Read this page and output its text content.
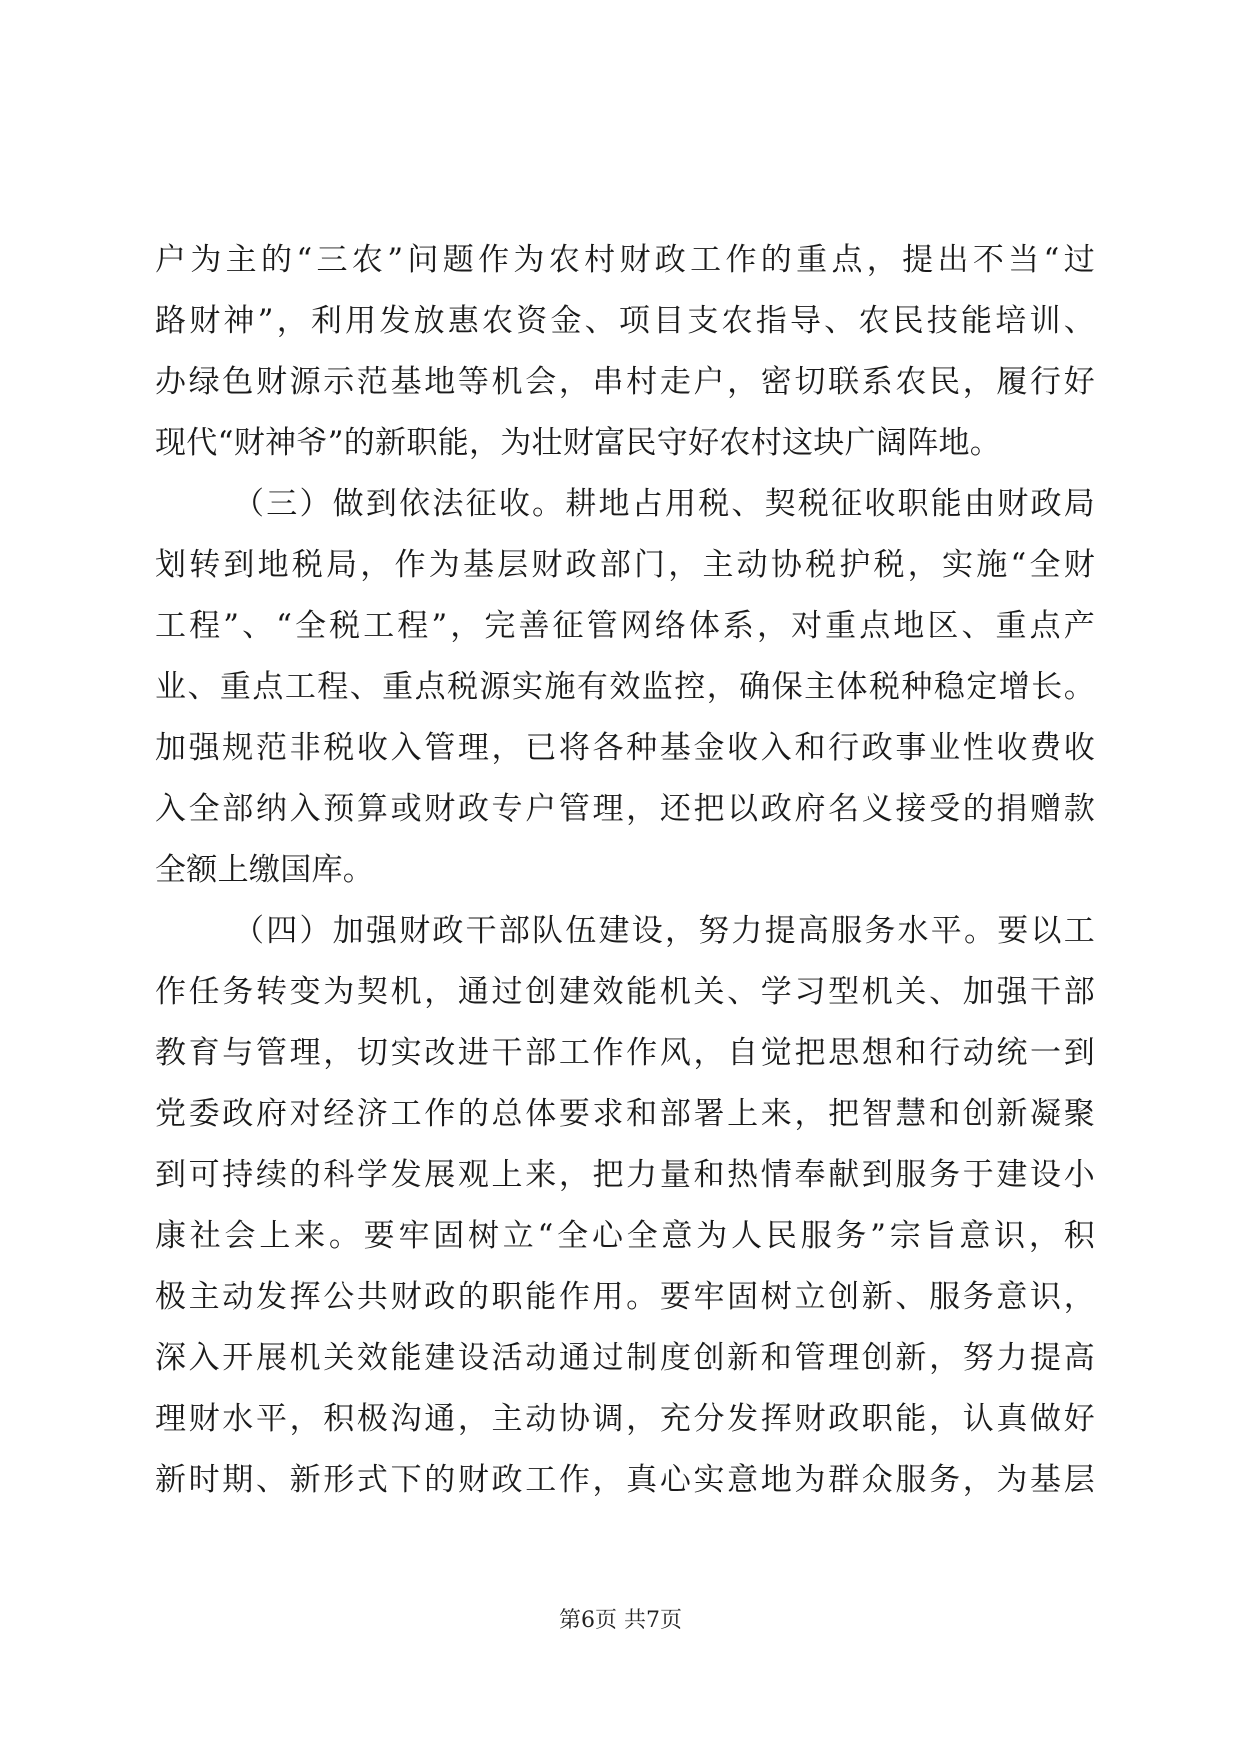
户为主的“三农”问题作为农村财政工作的重点，提出不当“过
路财神”，利用发放惠农资金、项目支农指导、农民技能培训、
办绿色财源示范基地等机会，串村走户，密切联系农民，履行好
现代“财神爷”的新职能，为壮财富民守好农村这块广阔阵地。
（三）做到依法征收。耕地占用税、契税征收职能由财政局
划转到地税局，作为基层财政部门，主动协税护税，实施“全财
工程”、“全税工程”，完善征管网络体系，对重点地区、重点产
业、重点工程、重点税源实施有效监控，确保主体税种稳定增长。
加强规范非税收入管理，已将各种基金收入和行政事业性收费收
入全部纳入预算或财政专户管理，还把以政府名义接受的捐赠款
全额上缴国库。
（四）加强财政干部队伍建设，努力提高服务水平。要以工
作任务转变为契机，通过创建效能机关、学习型机关、加强干部
教育与管理，切实改进干部工作作风，自觉把思想和行动统一到
党委政府对经济工作的总体要求和部署上来，把智慧和创新凝聚
到可持续的科学发展观上来，把力量和热情奉献到服务于建设小
康社会上来。要牢固树立“全心全意为人民服务”宗旨意识，积
极主动发挥公共财政的职能作用。要牢固树立创新、服务意识，
深入开展机关效能建设活动通过制度创新和管理创新，努力提高
理财水平，积极沟通，主动协调，充分发挥财政职能，认真做好
新时期、新形式下的财政工作，真心实意地为群众服务，为基层
第6页 共7页
